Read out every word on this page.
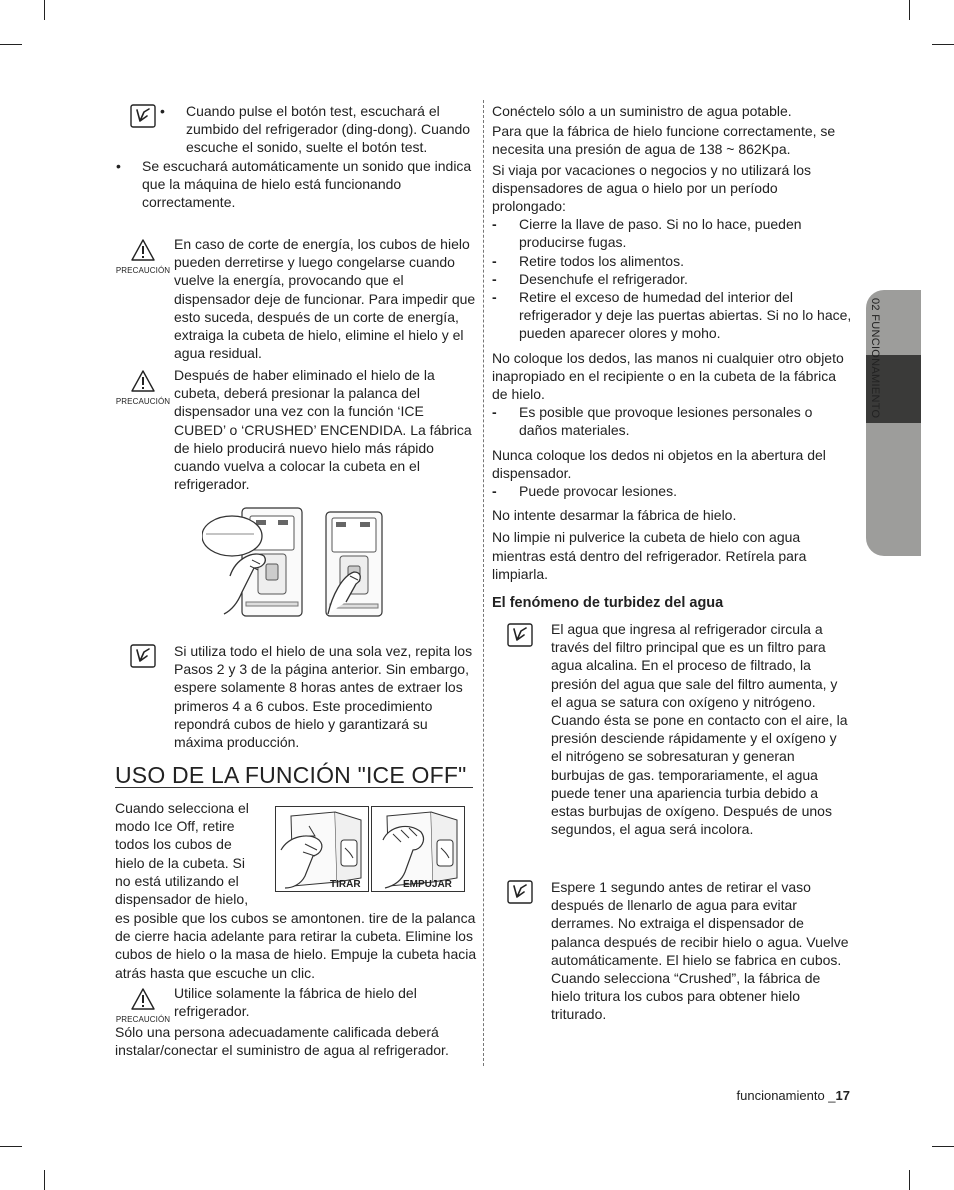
02 FUNCIONAMIENTO
•	Cuando pulse el botón test, escuchará el zumbido del refrigerador (ding-dong). Cuando escuche el sonido, suelte el botón test.
•	Se escuchará automáticamente un sonido que indica que la máquina de hielo está funcionando correctamente.
PRECAUCIÓN
En caso de corte de energía, los cubos de hielo pueden derretirse y luego congelarse cuando vuelve la energía, provocando que el dispensador deje de funcionar. Para impedir que esto suceda, después de un corte de energía, extraiga la cubeta de hielo, elimine el hielo y el agua residual.
PRECAUCIÓN
Después de haber eliminado el hielo de la cubeta, deberá presionar la palanca del dispensador una vez con la función ‘ICE CUBED’ o ‘CRUSHED’ ENCENDIDA. La fábrica de hielo producirá nuevo hielo más rápido cuando vuelva a colocar la cubeta en el refrigerador.
Si utiliza todo el hielo de una sola vez, repita los Pasos 2 y 3 de la página anterior. Sin embargo, espere solamente 8 horas antes de extraer los primeros 4 a 6 cubos. Este procedimiento repondrá cubos de hielo y garantizará su máxima producción.
USO DE LA FUNCIÓN "ICE OFF"
Cuando selecciona el
modo Ice Off, retire
todos los cubos de
hielo de la cubeta. Si
no está utilizando el
dispensador de hielo,
TIRAR	EMPUJAR
es posible que los cubos se amontonen. tire de la palanca de cierre hacia adelante para retirar la cubeta. Elimine los cubos de hielo o la masa de hielo. Empuje la cubeta hacia atrás hasta que escuche un clic.
PRECAUCIÓN
Utilice solamente la fábrica de hielo del refrigerador.
Sólo una persona adecuadamente calificada deberá instalar/conectar el suministro de agua al refrigerador.
Conéctelo sólo a un suministro de agua potable.
Para que la fábrica de hielo funcione correctamente, se necesita una presión de agua de 138 ~ 862Kpa.
Si viaja por vacaciones o negocios y no utilizará los dispensadores de agua o hielo por un período prolongado:
-	Cierre la llave de paso. Si no lo hace, pueden producirse fugas.
-	Retire todos los alimentos.
-	Desenchufe el refrigerador.
-	Retire el exceso de humedad del interior del refrigerador y deje las puertas abiertas. Si no lo hace, pueden aparecer olores y moho.
No coloque los dedos, las manos ni cualquier otro objeto inapropiado en el recipiente o en la cubeta de la fábrica de hielo.
-	Es posible que provoque lesiones personales o daños materiales.
Nunca coloque los dedos ni objetos en la abertura del dispensador.
-	Puede provocar lesiones.
No intente desarmar la fábrica de hielo.
No limpie ni pulverice la cubeta de hielo con agua mientras está dentro del refrigerador. Retírela para limpiarla.
El fenómeno de turbidez del agua
El agua que ingresa al refrigerador circula a través del filtro principal que es un filtro para agua alcalina. En el proceso de filtrado, la presión del agua que sale del filtro aumenta, y el agua se satura con oxígeno y nitrógeno. Cuando ésta se pone en contacto con el aire, la presión desciende rápidamente y el oxígeno y el nitrógeno se sobresaturan y generan burbujas de gas. temporariamente, el agua puede tener una apariencia turbia debido a estas burbujas de oxígeno. Después de unos segundos, el agua será incolora.
Espere 1 segundo antes de retirar el vaso después de llenarlo de agua para evitar derrames. No extraiga el dispensador de palanca después de recibir hielo o agua. Vuelve automáticamente. El hielo se fabrica en cubos. Cuando selecciona “Crushed”, la fábrica de hielo tritura los cubos para obtener hielo triturado.
funcionamiento _17
